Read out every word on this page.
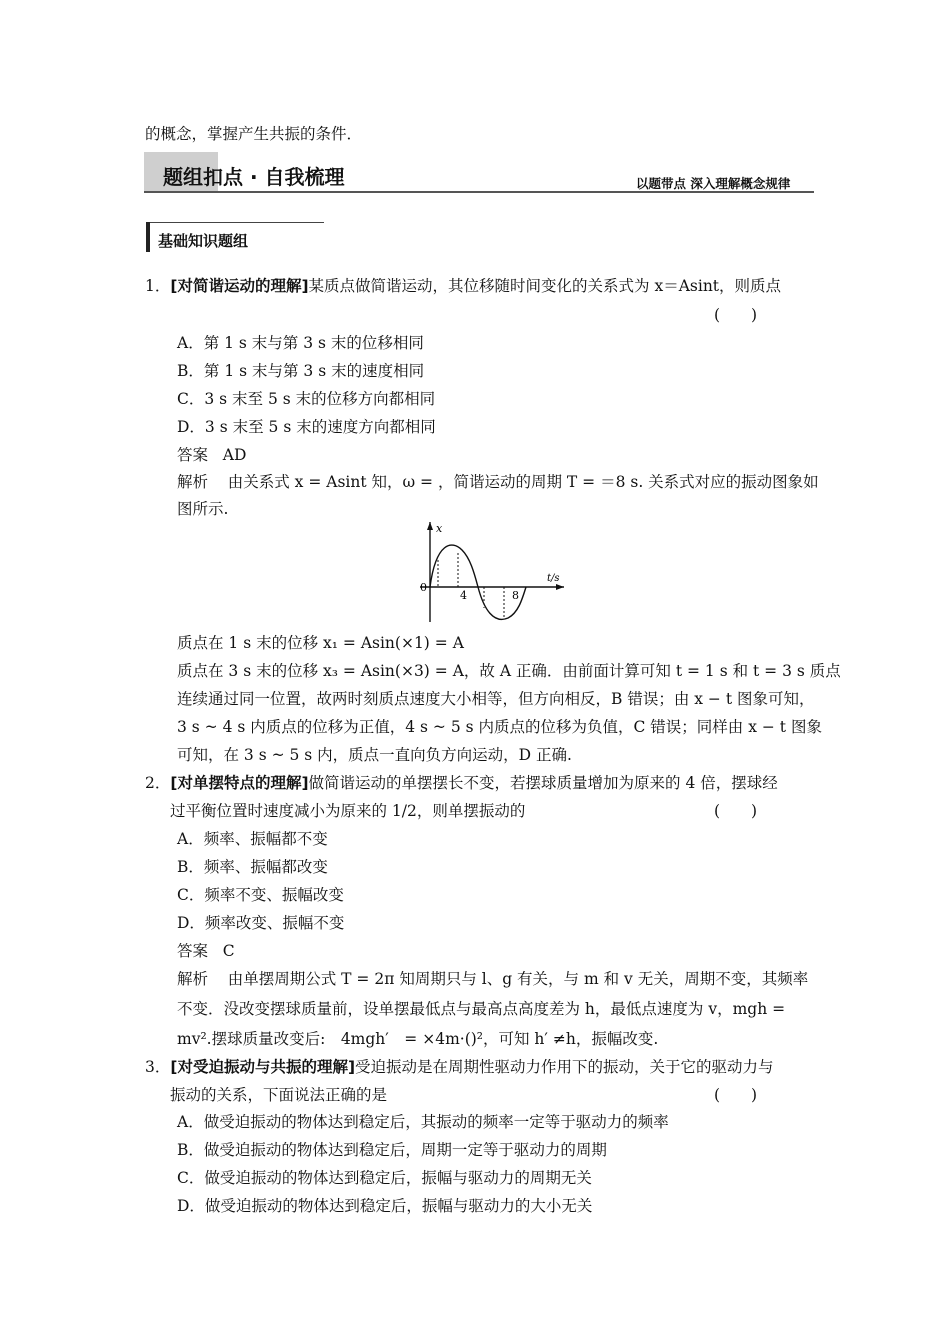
的概念，掌握产生共振的条件．
题组扣点 · 自我梳理	以题带点 深入理解概念规律
基础知识题组
1．[对简谐运动的理解]某质点做简谐运动，其位移随时间变化的关系式为 x＝Asint，则质点
(　　)
A．第 1 s 末与第 3 s 末的位移相同
B．第 1 s 末与第 3 s 末的速度相同
C．3 s 末至 5 s 末的位移方向都相同
D．3 s 末至 5 s 末的速度方向都相同
答案 AD
解析 由关系式 x = Asint 知，ω = ，简谐运动的周期 T = ＝8 s. 关系式对应的振动图象如
图所示.
x
t/s
0
4	8
质点在 1 s 末的位移 x₁ = Asin(×1) = A
质点在 3 s 末的位移 x₃ = Asin(×3) = A，故 A 正确．由前面计算可知 t = 1 s 和 t = 3 s 质点
连续通过同一位置，故两时刻质点速度大小相等，但方向相反，B 错误；由 x − t 图象可知，
3 s ~ 4 s 内质点的位移为正值，4 s ~ 5 s 内质点的位移为负值，C 错误；同样由 x − t 图象
可知，在 3 s ~ 5 s 内，质点一直向负方向运动，D 正确.
2．[对单摆特点的理解]做简谐运动的单摆摆长不变，若摆球质量增加为原来的 4 倍，摆球经
过平衡位置时速度减小为原来的 1/2，则单摆振动的	(　　)
A．频率、振幅都不变
B．频率、振幅都改变
C．频率不变、振幅改变
D．频率改变、振幅不变
答案 C
解析 由单摆周期公式 T = 2π 知周期只与 l、g 有关，与 m 和 v 无关，周期不变，其频率
不变．没改变摆球质量前，设单摆最低点与最高点高度差为 h，最低点速度为 v，mgh =
mv².摆球质量改变后:　4mgh′　= ×4m·()²，可知 h′ ≠h，振幅改变.
3．[对受迫振动与共振的理解]受迫振动是在周期性驱动力作用下的振动，关于它的驱动力与
振动的关系，下面说法正确的是	(　　)
A．做受迫振动的物体达到稳定后，其振动的频率一定等于驱动力的频率
B．做受迫振动的物体达到稳定后，周期一定等于驱动力的周期
C．做受迫振动的物体达到稳定后，振幅与驱动力的周期无关
D．做受迫振动的物体达到稳定后，振幅与驱动力的大小无关
